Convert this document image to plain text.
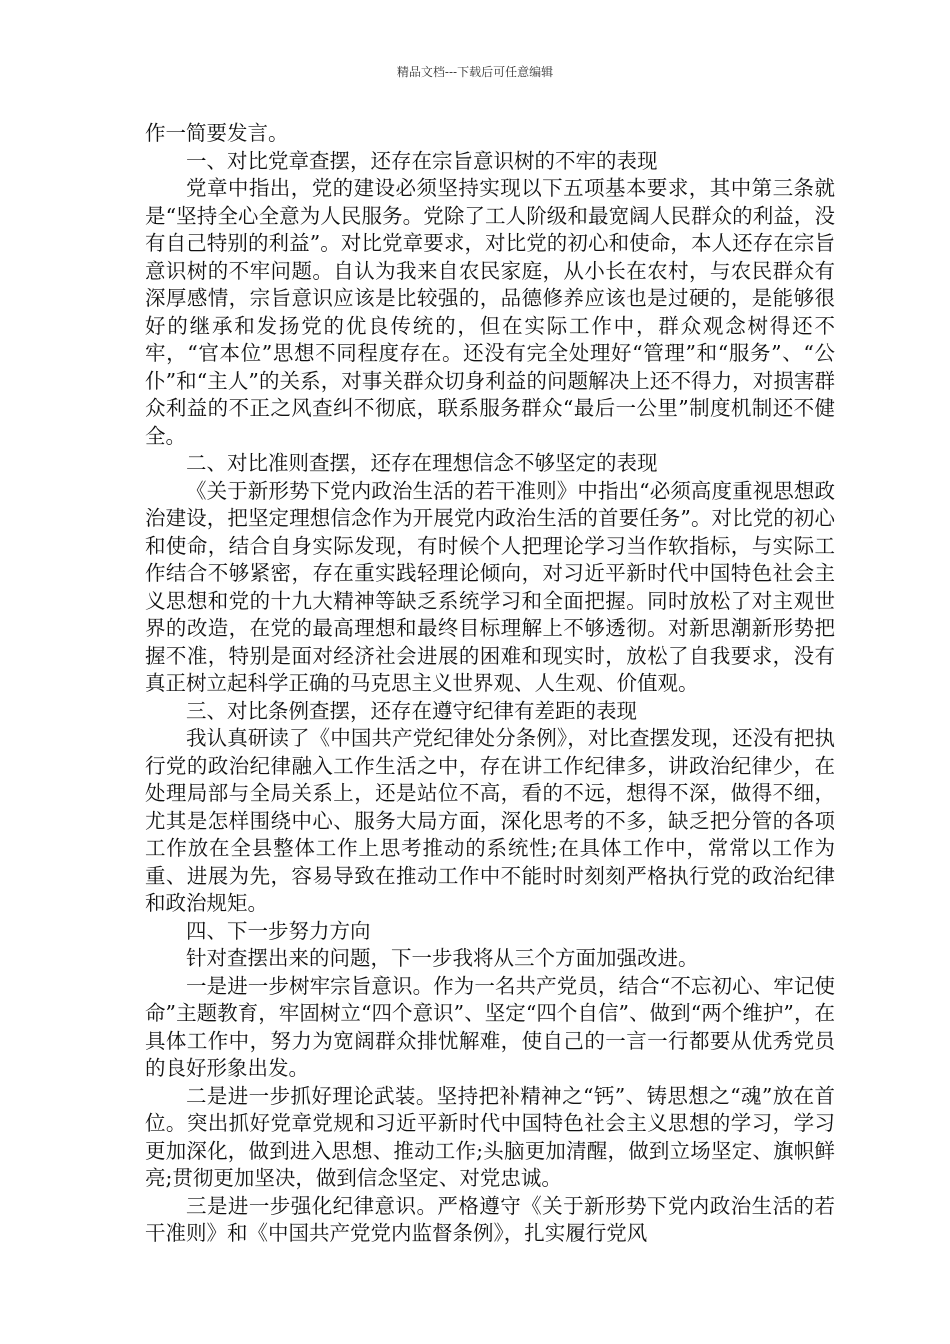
精品文档---下载后可任意编辑

作一简要发言。

一、对比党章查摆，还存在宗旨意识树的不牢的表现

党章中指出，党的建设必须坚持实现以下五项基本要求，其中第三条就是“坚持全心全意为人民服务。党除了工人阶级和最宽阔人民群众的利益，没有自己特别的利益”。对比党章要求，对比党的初心和使命，本人还存在宗旨意识树的不牢问题。自认为我来自农民家庭，从小长在农村，与农民群众有深厚感情，宗旨意识应该是比较强的，品德修养应该也是过硬的，是能够很好的继承和发扬党的优良传统的，但在实际工作中，群众观念树得还不牢，“官本位”思想不同程度存在。还没有完全处理好“管理”和“服务”、“公仆”和“主人”的关系，对事关群众切身利益的问题解决上还不得力，对损害群众利益的不正之风查纠不彻底，联系服务群众“最后一公里”制度机制还不健全。

二、对比准则查摆，还存在理想信念不够坚定的表现

《关于新形势下党内政治生活的若干准则》中指出“必须高度重视思想政治建设，把坚定理想信念作为开展党内政治生活的首要任务”。对比党的初心和使命，结合自身实际发现，有时候个人把理论学习当作软指标，与实际工作结合不够紧密，存在重实践轻理论倾向，对习近平新时代中国特色社会主义思想和党的十九大精神等缺乏系统学习和全面把握。同时放松了对主观世界的改造，在党的最高理想和最终目标理解上不够透彻。对新思潮新形势把握不准，特别是面对经济社会进展的困难和现实时，放松了自我要求，没有真正树立起科学正确的马克思主义世界观、人生观、价值观。

三、对比条例查摆，还存在遵守纪律有差距的表现

我认真研读了《中国共产党纪律处分条例》，对比查摆发现，还没有把执行党的政治纪律融入工作生活之中，存在讲工作纪律多，讲政治纪律少，在处理局部与全局关系上，还是站位不高，看的不远，想得不深，做得不细，尤其是怎样围绕中心、服务大局方面，深化思考的不多，缺乏把分管的各项工作放在全县整体工作上思考推动的系统性;在具体工作中，常常以工作为重、进展为先，容易导致在推动工作中不能时时刻刻严格执行党的政治纪律和政治规矩。

四、下一步努力方向

针对查摆出来的问题，下一步我将从三个方面加强改进。

一是进一步树牢宗旨意识。作为一名共产党员，结合“不忘初心、牢记使命”主题教育，牢固树立“四个意识”、坚定“四个自信”、做到“两个维护”，在具体工作中，努力为宽阔群众排忧解难，使自己的一言一行都要从优秀党员的良好形象出发。

二是进一步抓好理论武装。坚持把补精神之“钙”、铸思想之“魂”放在首位。突出抓好党章党规和习近平新时代中国特色社会主义思想的学习，学习更加深化，做到进入思想、推动工作;头脑更加清醒，做到立场坚定、旗帜鲜亮;贯彻更加坚决，做到信念坚定、对党忠诚。

三是进一步强化纪律意识。严格遵守《关于新形势下党内政治生活的若干准则》和《中国共产党党内监督条例》，扎实履行党风
